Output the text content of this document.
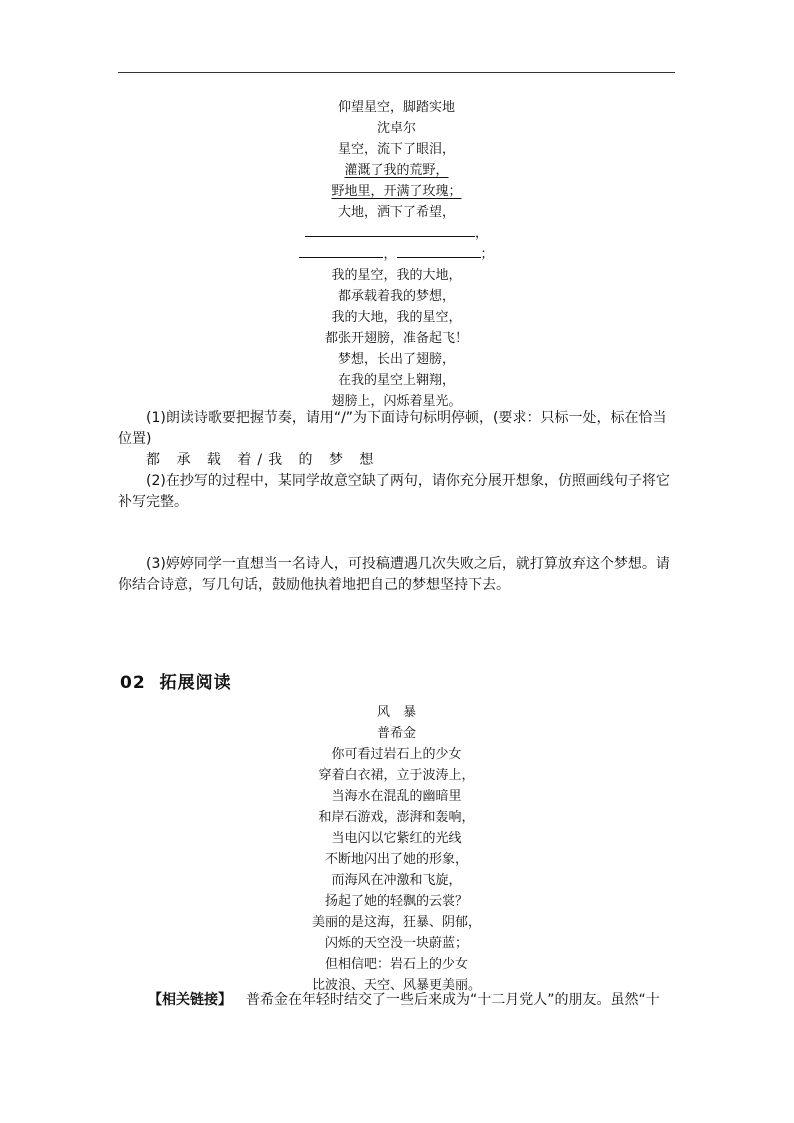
仰望星空，脚踏实地
沈卓尔
星空，流下了眼泪，
灌溉了我的荒野，
野地里，开满了玫瑰；
大地，洒下了希望，
，
，	；
我的星空，我的大地，
都承载着我的梦想，
我的大地，我的星空，
都张开翅膀，准备起飞！
梦想，长出了翅膀，
在我的星空上翱翔，
翅膀上，闪烁着星光。
(1)朗读诗歌要把握节奏，请用“/”为下面诗句标明停顿，(要求：只标一处，标在恰当位置)
都 承 载 着/我 的 梦 想
(2)在抄写的过程中，某同学故意空缺了两句，请你充分展开想象，仿照画线句子将它补写完整。
(3)婷婷同学一直想当一名诗人，可投稿遭遇几次失败之后，就打算放弃这个梦想。请你结合诗意，写几句话，鼓励他执着地把自己的梦想坚持下去。
02 拓展阅读
风　暴
普希金
你可看过岩石上的少女
穿着白衣裙，立于波涛上，
当海水在混乱的幽暗里
和岸石游戏，澎湃和轰响，
当电闪以它紫红的光线
不断地闪出了她的形象，
而海风在冲激和飞旋，
扬起了她的轻飘的云裳？
美丽的是这海，狂暴、阴郁，
闪烁的天空没一块蔚蓝；
但相信吧：岩石上的少女
比波浪、天空、风暴更美丽。
【相关链接】 普希金在年轻时结交了一些后来成为“十二月党人”的朋友。虽然“十
